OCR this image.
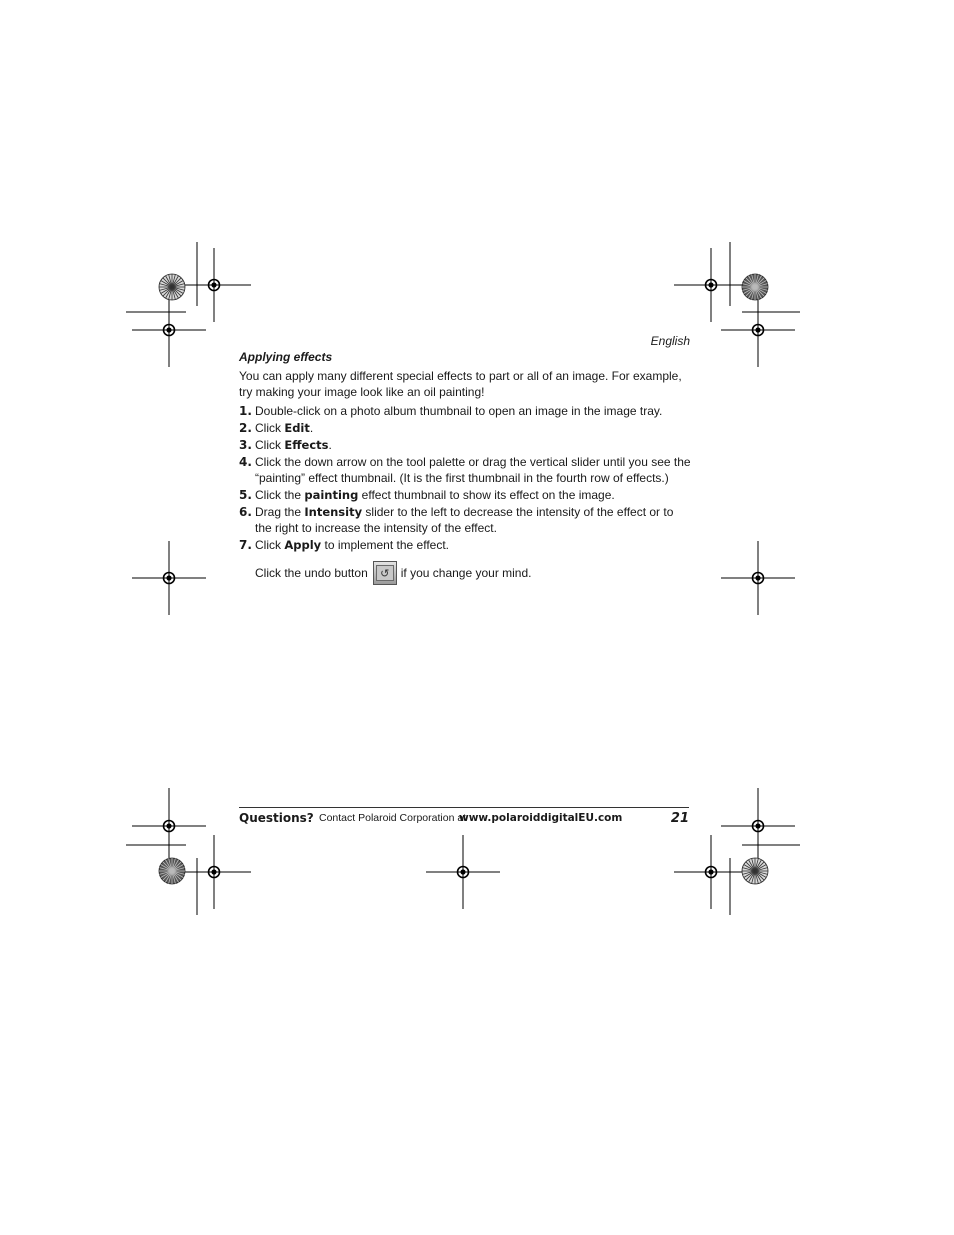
English
Applying effects
You can apply many different special effects to part or all of an image. For example, try making your image look like an oil painting!
1. Double-click on a photo album thumbnail to open an image in the image tray.
2. Click Edit.
3. Click Effects.
4. Click the down arrow on the tool palette or drag the vertical slider until you see the “painting” effect thumbnail. (It is the first thumbnail in the fourth row of effects.)
5. Click the painting effect thumbnail to show its effect on the image.
6. Drag the Intensity slider to the left to decrease the intensity of the effect or to the right to increase the intensity of the effect.
7. Click Apply to implement the effect.
Click the undo button	↺ if you change your mind.
Questions? Contact Polaroid Corporation at
www.polaroiddigitalEU.com	21
